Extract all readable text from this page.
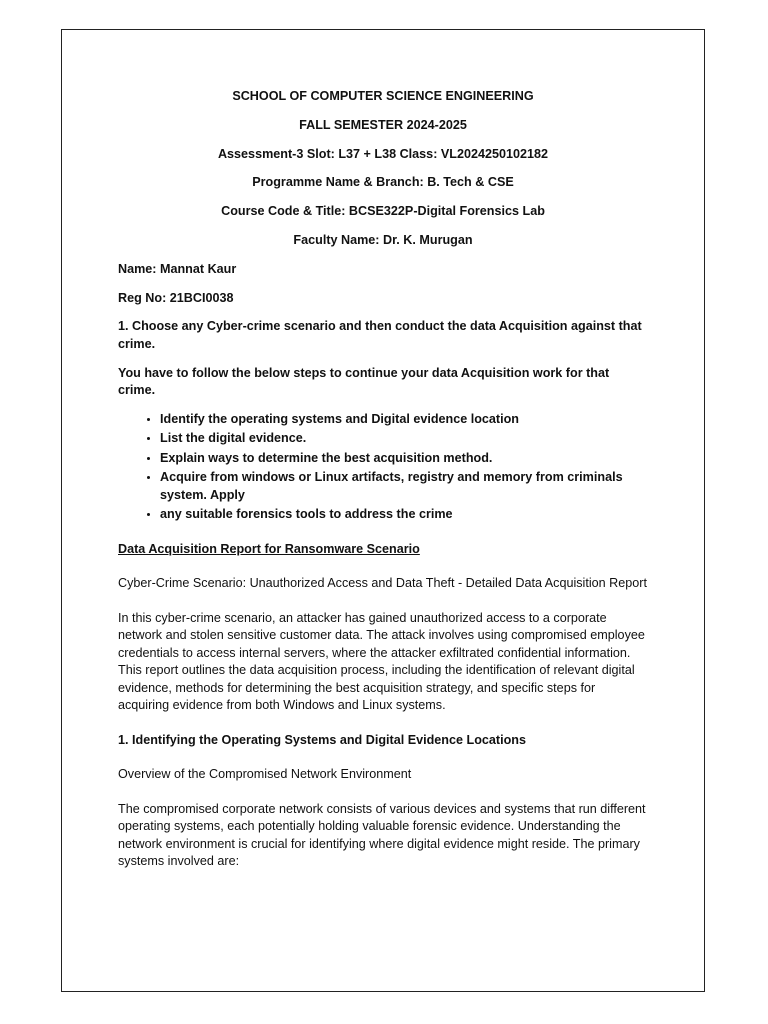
SCHOOL OF COMPUTER SCIENCE ENGINEERING

FALL SEMESTER 2024-2025

Assessment-3 Slot: L37 + L38 Class: VL2024250102182

Programme Name & Branch: B. Tech & CSE

Course Code & Title: BCSE322P-Digital Forensics Lab

Faculty Name: Dr. K. Murugan

Name: Mannat Kaur

Reg No: 21BCI0038

1. Choose any Cyber-crime scenario and then conduct the data Acquisition against that crime.

You have to follow the below steps to continue your data Acquisition work for that crime.

• Identify the operating systems and Digital evidence location
• List the digital evidence.
• Explain ways to determine the best acquisition method.
• Acquire from windows or Linux artifacts, registry and memory from criminals system. Apply
• any suitable forensics tools to address the crime

Data Acquisition Report for Ransomware Scenario

Cyber-Crime Scenario: Unauthorized Access and Data Theft - Detailed Data Acquisition Report

In this cyber-crime scenario, an attacker has gained unauthorized access to a corporate network and stolen sensitive customer data. The attack involves using compromised employee credentials to access internal servers, where the attacker exfiltrated confidential information. This report outlines the data acquisition process, including the identification of relevant digital evidence, methods for determining the best acquisition strategy, and specific steps for acquiring evidence from both Windows and Linux systems.

1. Identifying the Operating Systems and Digital Evidence Locations

Overview of the Compromised Network Environment

The compromised corporate network consists of various devices and systems that run different operating systems, each potentially holding valuable forensic evidence. Understanding the network environment is crucial for identifying where digital evidence might reside. The primary systems involved are:
